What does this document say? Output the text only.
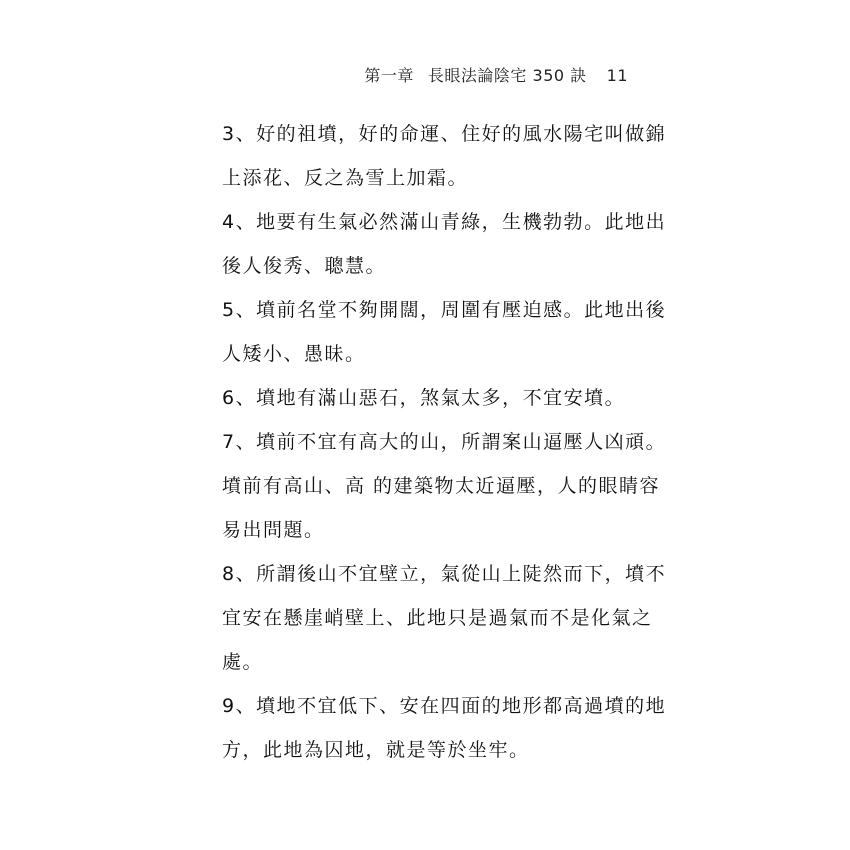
第一章 長眼法論陰宅 350 訣 11
3、好的祖墳，好的命運、住好的風水陽宅叫做錦
上添花、反之為雪上加霜。
4、地要有生氣必然滿山青綠，生機勃勃。此地出
後人俊秀、聰慧。
5、墳前名堂不夠開闊，周圍有壓迫感。此地出後
人矮小、愚昧。
6、墳地有滿山惡石，煞氣太多，不宜安墳。
7、墳前不宜有高大的山，所謂案山逼壓人凶頑。
墳前有高山、高 的建築物太近逼壓，人的眼睛容
易出問題。
8、所謂後山不宜壁立，氣從山上陡然而下，墳不
宜安在懸崖峭壁上、此地只是過氣而不是化氣之
處。
9、墳地不宜低下、安在四面的地形都高過墳的地
方，此地為囚地，就是等於坐牢。
